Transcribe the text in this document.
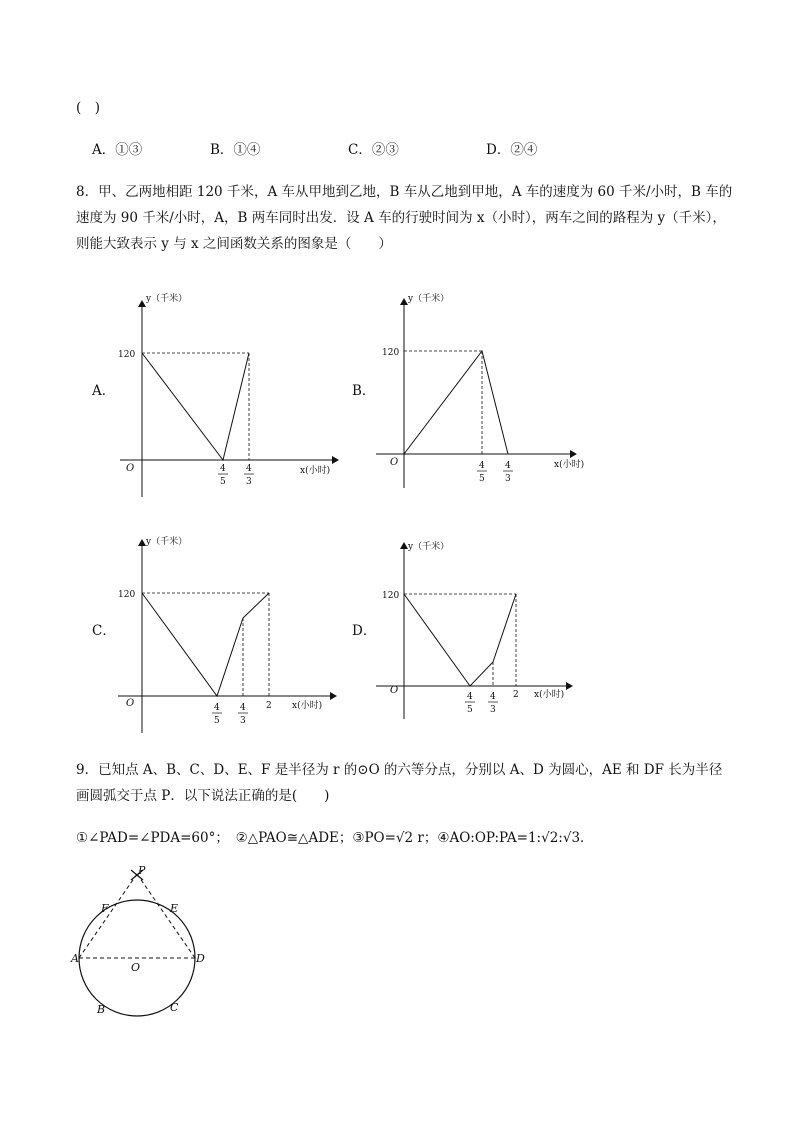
(　)
A．①③	B．①④	C．②③	D．②④
8．甲、乙两地相距 120 千米，A 车从甲地到乙地，B 车从乙地到甲地，A 车的速度为 60 千米/小时，B 车的
速度为 90 千米/小时，A，B 两车同时出发．设 A 车的行驶时间为 x（小时），两车之间的路程为 y（千米），
则能大致表示 y 与 x 之间函数关系的图象是（　　）
A．	B．
C．	D．
y（千米）
x(小时)
O
120
4
5
4
3
y（千米）
x(小时)
O
120
4
5
4
3
y（千米）
x(小时)
O
120
4
5
4
3
2
y（千米）
x(小时)
O
120
4
5
4
3
2
9．已知点 A、B、C、D、E、F 是半径为 r 的⊙O 的六等分点，分别以 A、D 为圆心，AE 和 DF 长为半径
画圆弧交于点 P．以下说法正确的是(　　)
①∠PAD=∠PDA=60°；　②△PAO≅△ADE；③PO=√2 r；④AO:OP:PA=1:√2:√3．
P
F	E
A
O
D
B	C
